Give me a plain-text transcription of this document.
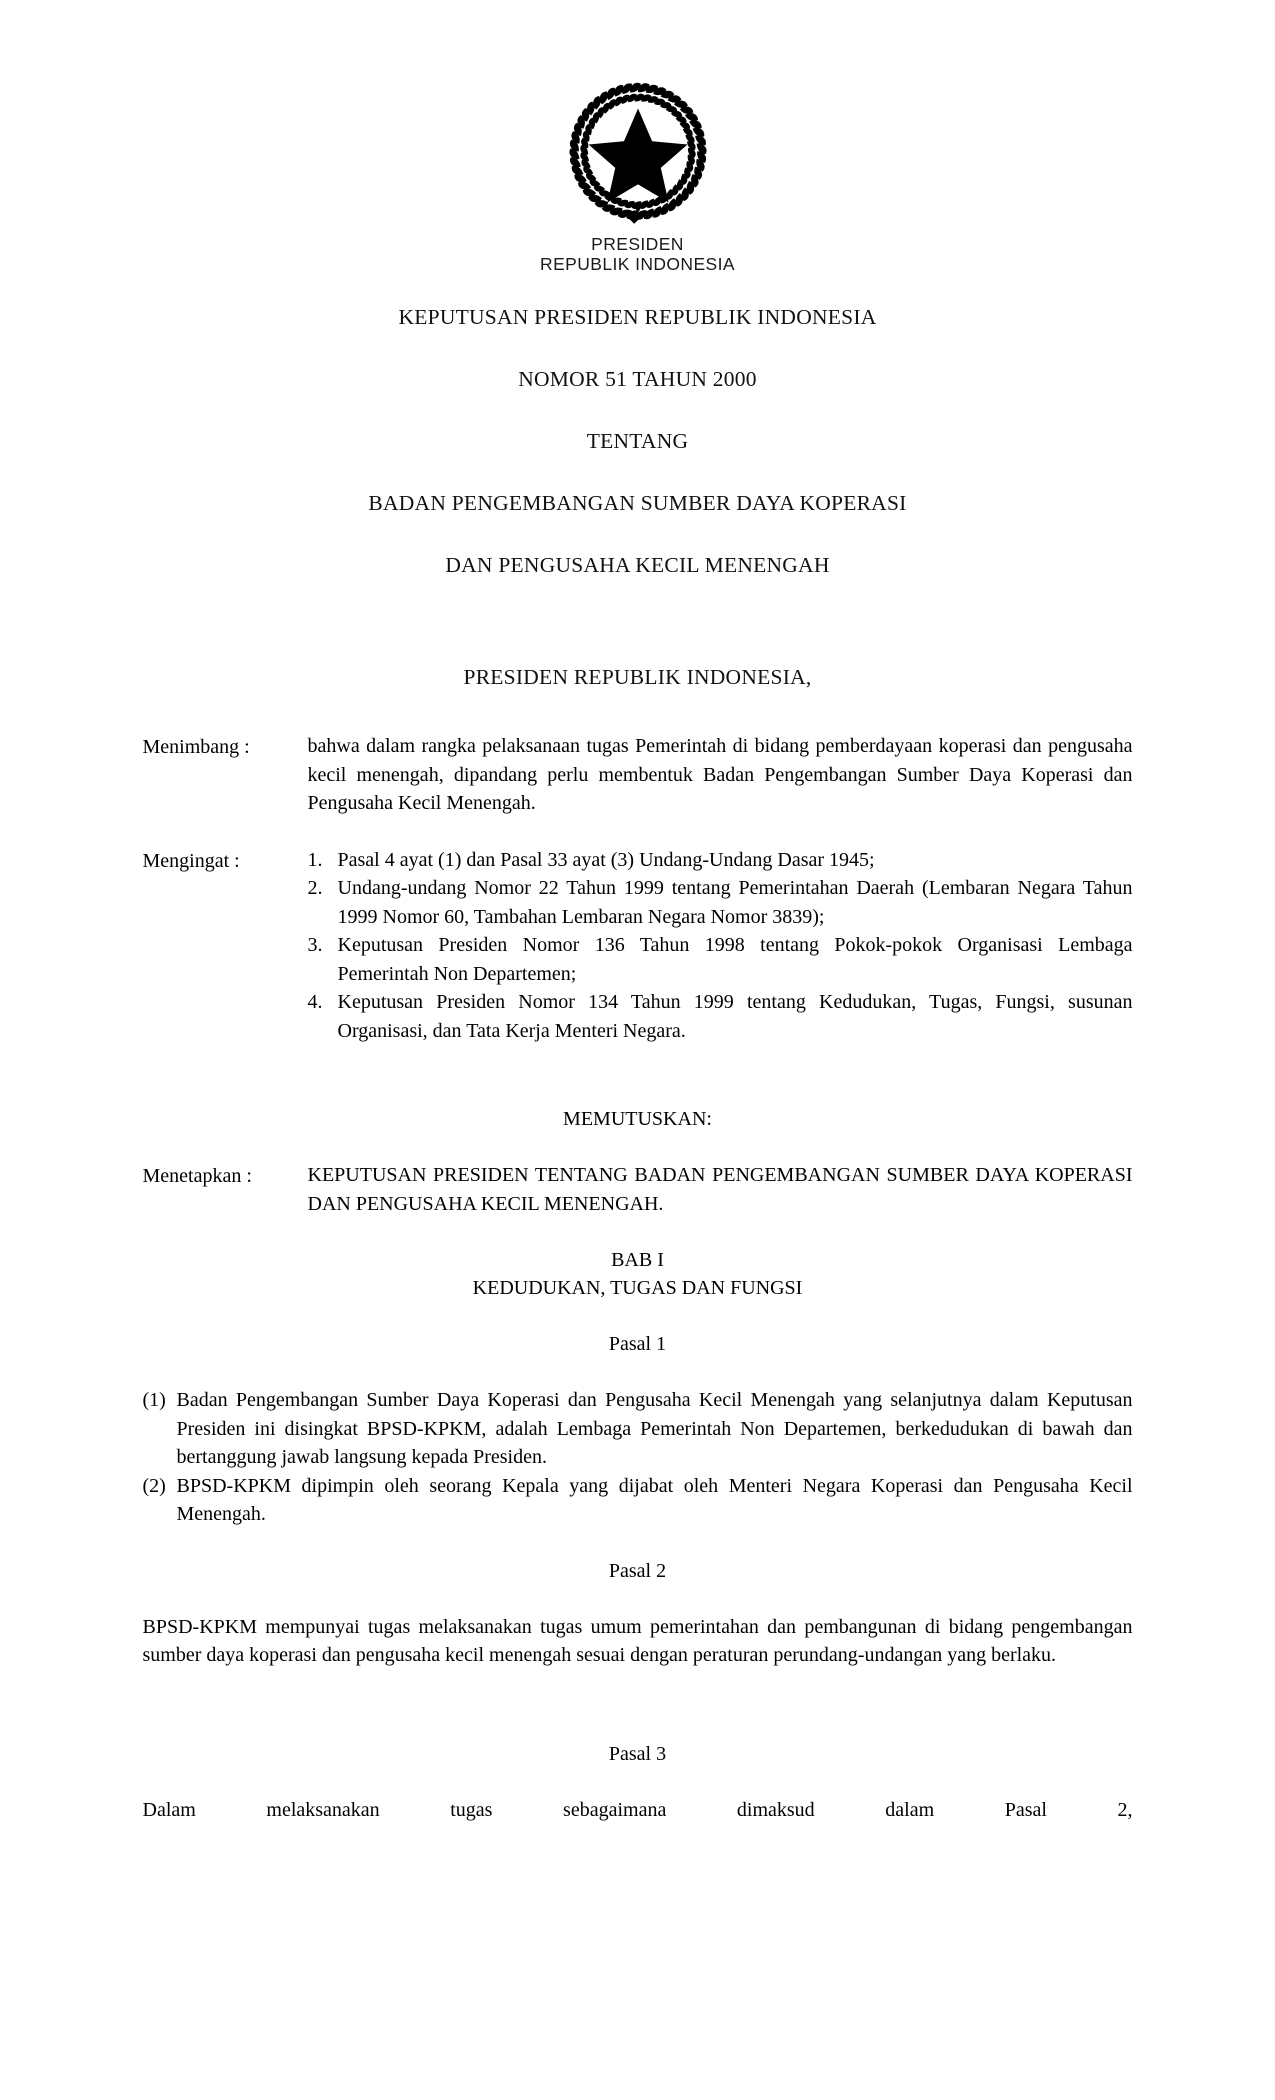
PRESIDEN
REPUBLIK INDONESIA
KEPUTUSAN PRESIDEN REPUBLIK INDONESIA
NOMOR 51 TAHUN 2000
TENTANG
BADAN PENGEMBANGAN SUMBER DAYA KOPERASI
DAN PENGUSAHA KECIL MENENGAH
PRESIDEN REPUBLIK INDONESIA,
Menimbang :	bahwa dalam rangka pelaksanaan tugas Pemerintah di bidang pemberdayaan koperasi dan pengusaha kecil menengah, dipandang perlu membentuk Badan Pengembangan Sumber Daya Koperasi dan Pengusaha Kecil Menengah.

Mengingat :	1. Pasal 4 ayat (1) dan Pasal 33 ayat (3) Undang-Undang Dasar 1945;
2. Undang-undang Nomor 22 Tahun 1999 tentang Pemerintahan Daerah (Lembaran Negara Tahun 1999 Nomor 60, Tambahan Lembaran Negara Nomor 3839);
3. Keputusan Presiden Nomor 136 Tahun 1998 tentang Pokok-pokok Organisasi Lembaga Pemerintah Non Departemen;
4. Keputusan Presiden Nomor 134 Tahun 1999 tentang Kedudukan, Tugas, Fungsi, susunan Organisasi, dan Tata Kerja Menteri Negara.
MEMUTUSKAN:
Menetapkan :	KEPUTUSAN PRESIDEN TENTANG BADAN PENGEMBANGAN SUMBER DAYA KOPERASI DAN PENGUSAHA KECIL MENENGAH.

BAB I
KEDUDUKAN, TUGAS DAN FUNGSI
Pasal 1
(1) Badan Pengembangan Sumber Daya Koperasi dan Pengusaha Kecil Menengah yang selanjutnya dalam Keputusan Presiden ini disingkat BPSD-KPKM, adalah Lembaga Pemerintah Non Departemen, berkedudukan di bawah dan bertanggung jawab langsung kepada Presiden.
(2) BPSD-KPKM dipimpin oleh seorang Kepala yang dijabat oleh Menteri Negara Koperasi dan Pengusaha Kecil Menengah.
Pasal 2

BPSD-KPKM mempunyai tugas melaksanakan tugas umum pemerintahan dan pembangunan di bidang pengembangan sumber daya koperasi dan pengusaha kecil menengah sesuai dengan peraturan perundang-undangan yang berlaku.

Pasal 3

Dalam melaksanakan tugas sebagaimana dimaksud dalam Pasal 2,
